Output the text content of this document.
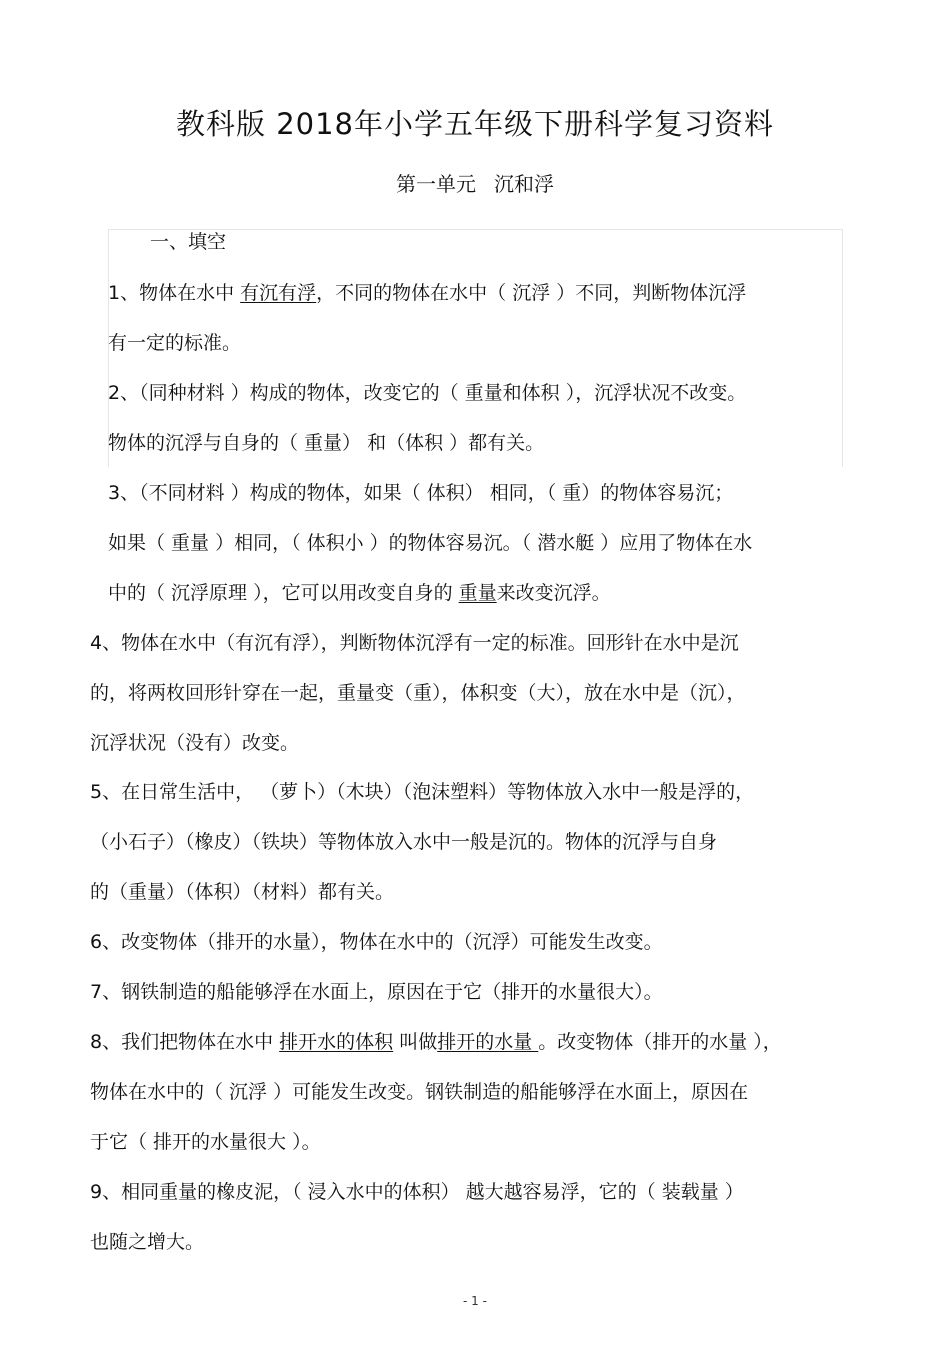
教科版 2018年小学五年级下册科学复习资料
第一单元 沉和浮
一、填空
1、物体在水中 有沉有浮，不同的物体在水中（ 沉浮 ）不同，判断物体沉浮
有一定的标准。
2、（同种材料 ）构成的物体，改变它的（ 重量和体积 ），沉浮状况不改变。
物体的沉浮与自身的（ 重量） 和（体积 ）都有关。
3、（不同材料 ）构成的物体，如果（ 体积） 相同，（ 重）的物体容易沉；
如果（ 重量 ）相同，（ 体积小 ）的物体容易沉。（ 潜水艇 ）应用了物体在水
中的（ 沉浮原理 ），它可以用改变自身的 重量来改变沉浮。
4、物体在水中（有沉有浮），判断物体沉浮有一定的标准。回形针在水中是沉
的，将两枚回形针穿在一起，重量变（重），体积变（大），放在水中是（沉），
沉浮状况（没有）改变。
5、在日常生活中， （萝卜）（木块）（泡沫塑料）等物体放入水中一般是浮的，
（小石子）（橡皮）（铁块）等物体放入水中一般是沉的。物体的沉浮与自身
的（重量）（体积）（材料）都有关。
6、改变物体（排开的水量），物体在水中的（沉浮）可能发生改变。
7、钢铁制造的船能够浮在水面上，原因在于它（排开的水量很大）。
8、我们把物体在水中 排开水的体积 叫做排开的水量 。改变物体（排开的水量 ），
物体在水中的（ 沉浮 ）可能发生改变。钢铁制造的船能够浮在水面上，原因在
于它（ 排开的水量很大 ）。
9、相同重量的橡皮泥，（ 浸入水中的体积） 越大越容易浮，它的（ 装载量 ）
也随之增大。
- 1 -
